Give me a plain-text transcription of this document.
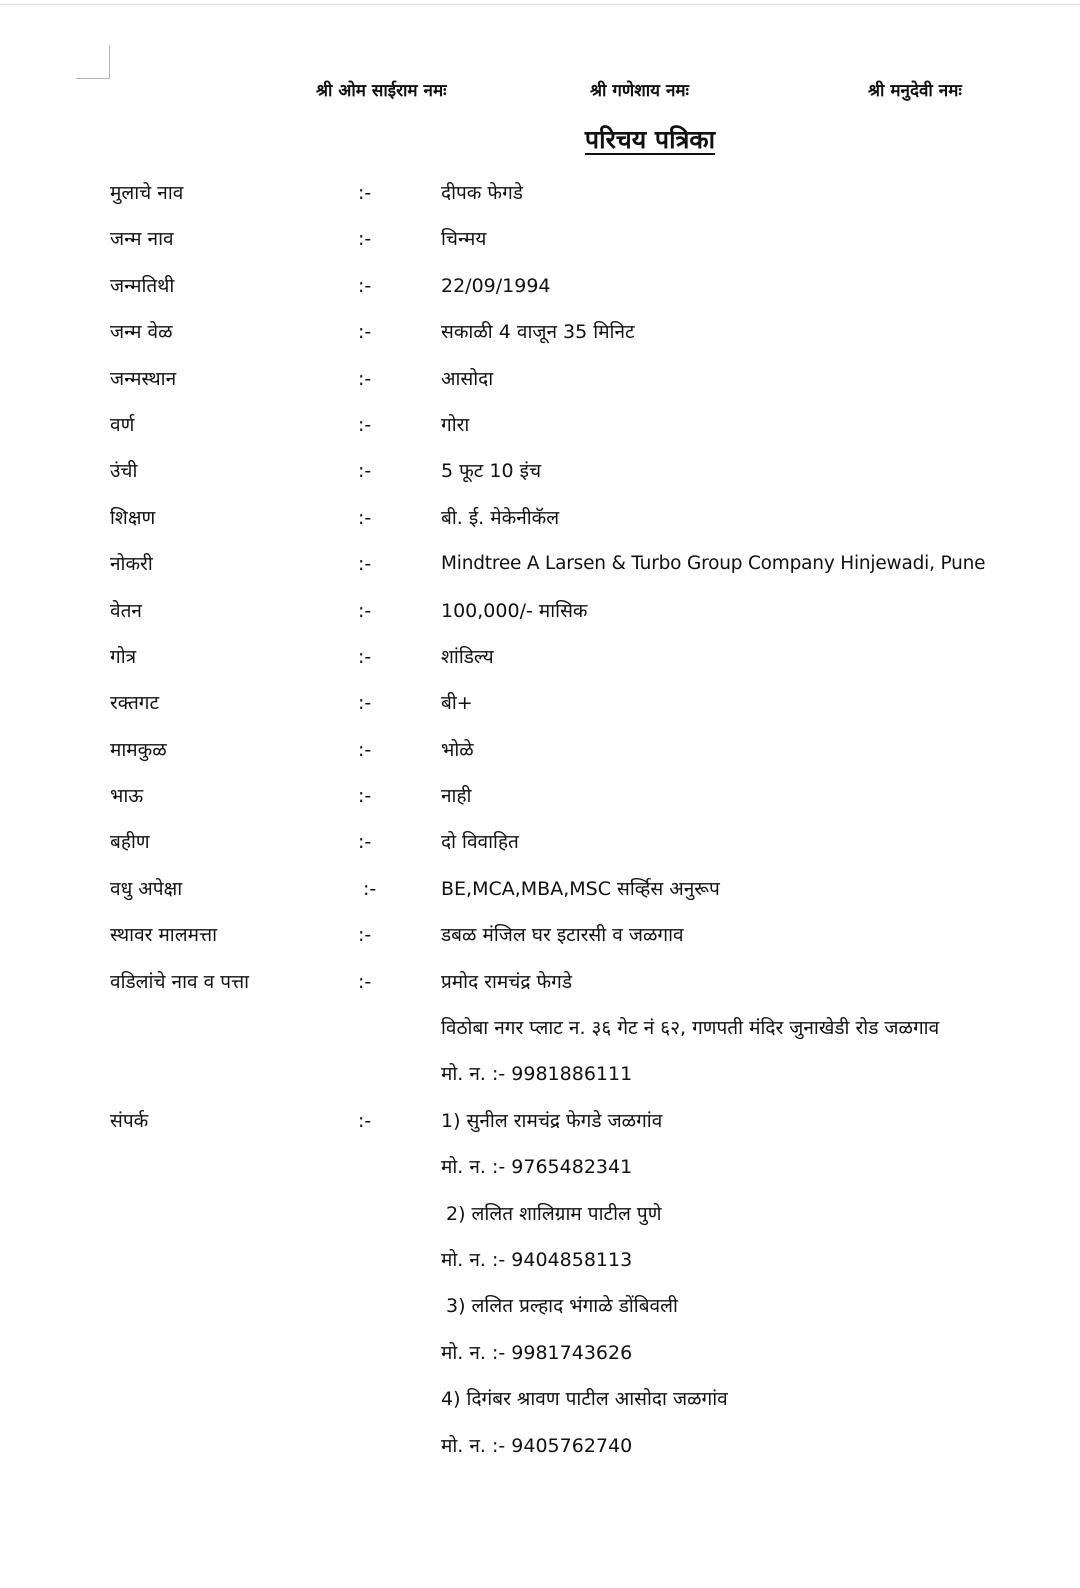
श्री ओम साईराम नमः	श्री गणेशाय नमः	श्री मनुदेवी नमः
परिचय पत्रिका
मुलाचे नाव	:-	दीपक फेगडे
जन्म नाव	:-	चिन्मय
जन्मतिथी	:-	22/09/1994
जन्म वेळ	:-	सकाळी 4 वाजून 35 मिनिट
जन्मस्थान	:-	आसोदा
वर्ण	:-	गोरा
उंची	:-	5 फूट 10 इंच
शिक्षण	:-	बी. ई. मेकेनीकॅल
नोकरी	:-	Mindtree A Larsen & Turbo Group Company Hinjewadi, Pune
वेतन	:-	100,000/- मासिक
गोत्र	:-	शांडिल्य
रक्तगट	:-	बी+
मामकुळ	:-	भोळे
भाऊ	:-	नाही
बहीण	:-	दो विवाहित
वधु अपेक्षा	:-	BE,MCA,MBA,MSC सर्व्हिस अनुरूप
स्थावर मालमत्ता	:-	डबळ मंजिल घर इटारसी व जळगाव
वडिलांचे नाव व पत्ता	:-	प्रमोद रामचंद्र फेगडे
विठोबा नगर प्लाट न. ३६ गेट नं ६२, गणपती मंदिर जुनाखेडी रोड जळगाव
मो. न. :- 9981886111
संपर्क	:-	1) सुनील रामचंद्र फेगडे जळगांव
मो. न. :- 9765482341
2) ललित शालिग्राम पाटील पुणे
मो. न. :- 9404858113
3) ललित प्रल्हाद भंगाळे डोंबिवली
मो. न. :- 9981743626
4) दिगंबर श्रावण पाटील आसोदा जळगांव
मो. न. :- 9405762740
